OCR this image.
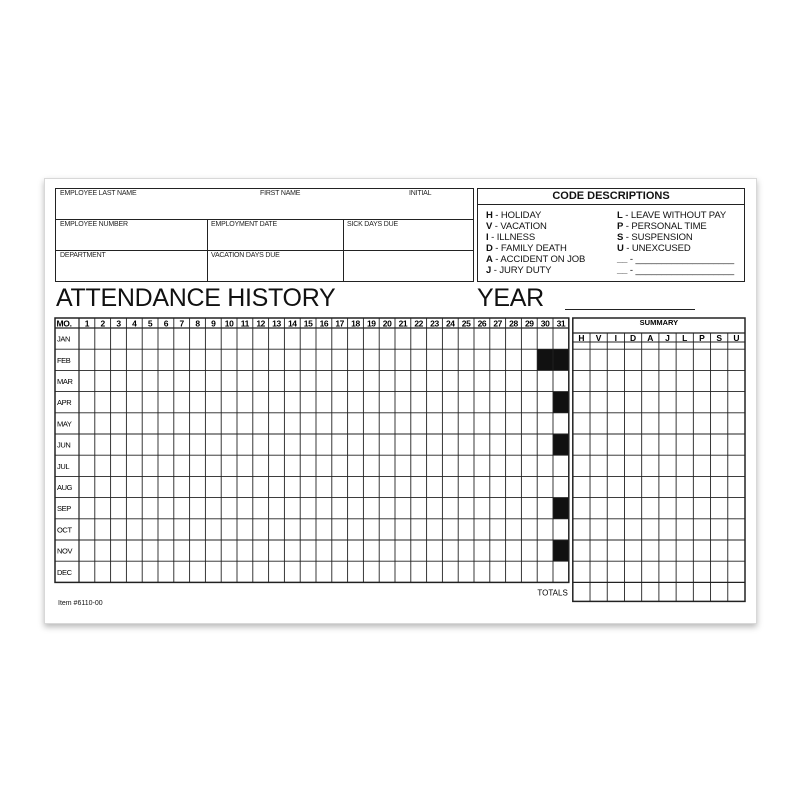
EMPLOYEE LAST NAME	FIRST NAME	INITIAL
EMPLOYEE NUMBER	EMPLOYMENT DATE	SICK DAYS DUE
DEPARTMENT	VACATION DAYS DUE
CODE DESCRIPTIONS
H - HOLIDAY
V - VACATION
I - ILLNESS
D - FAMILY DEATH
A - ACCIDENT ON JOB
J - JURY DUTY
L - LEAVE WITHOUT PAY
P - PERSONAL TIME
S - SUSPENSION
U - UNEXCUSED
__ - ___________________
__ - ___________________
ATTENDANCE HISTORY	YEAR
MO. 1 2 3 4 5 6 7 8 9 10 11 12 13 14 15 16 17 18 19 20 21 22 23 24 25 26 27 28 29 30 31
JAN
FEB
MAR
APR
MAY
JUN
JUL
AUG
SEP
OCT
NOV
DEC
SUMMARY
H V I D A J L P S U
TOTALS
Item #6110-00
